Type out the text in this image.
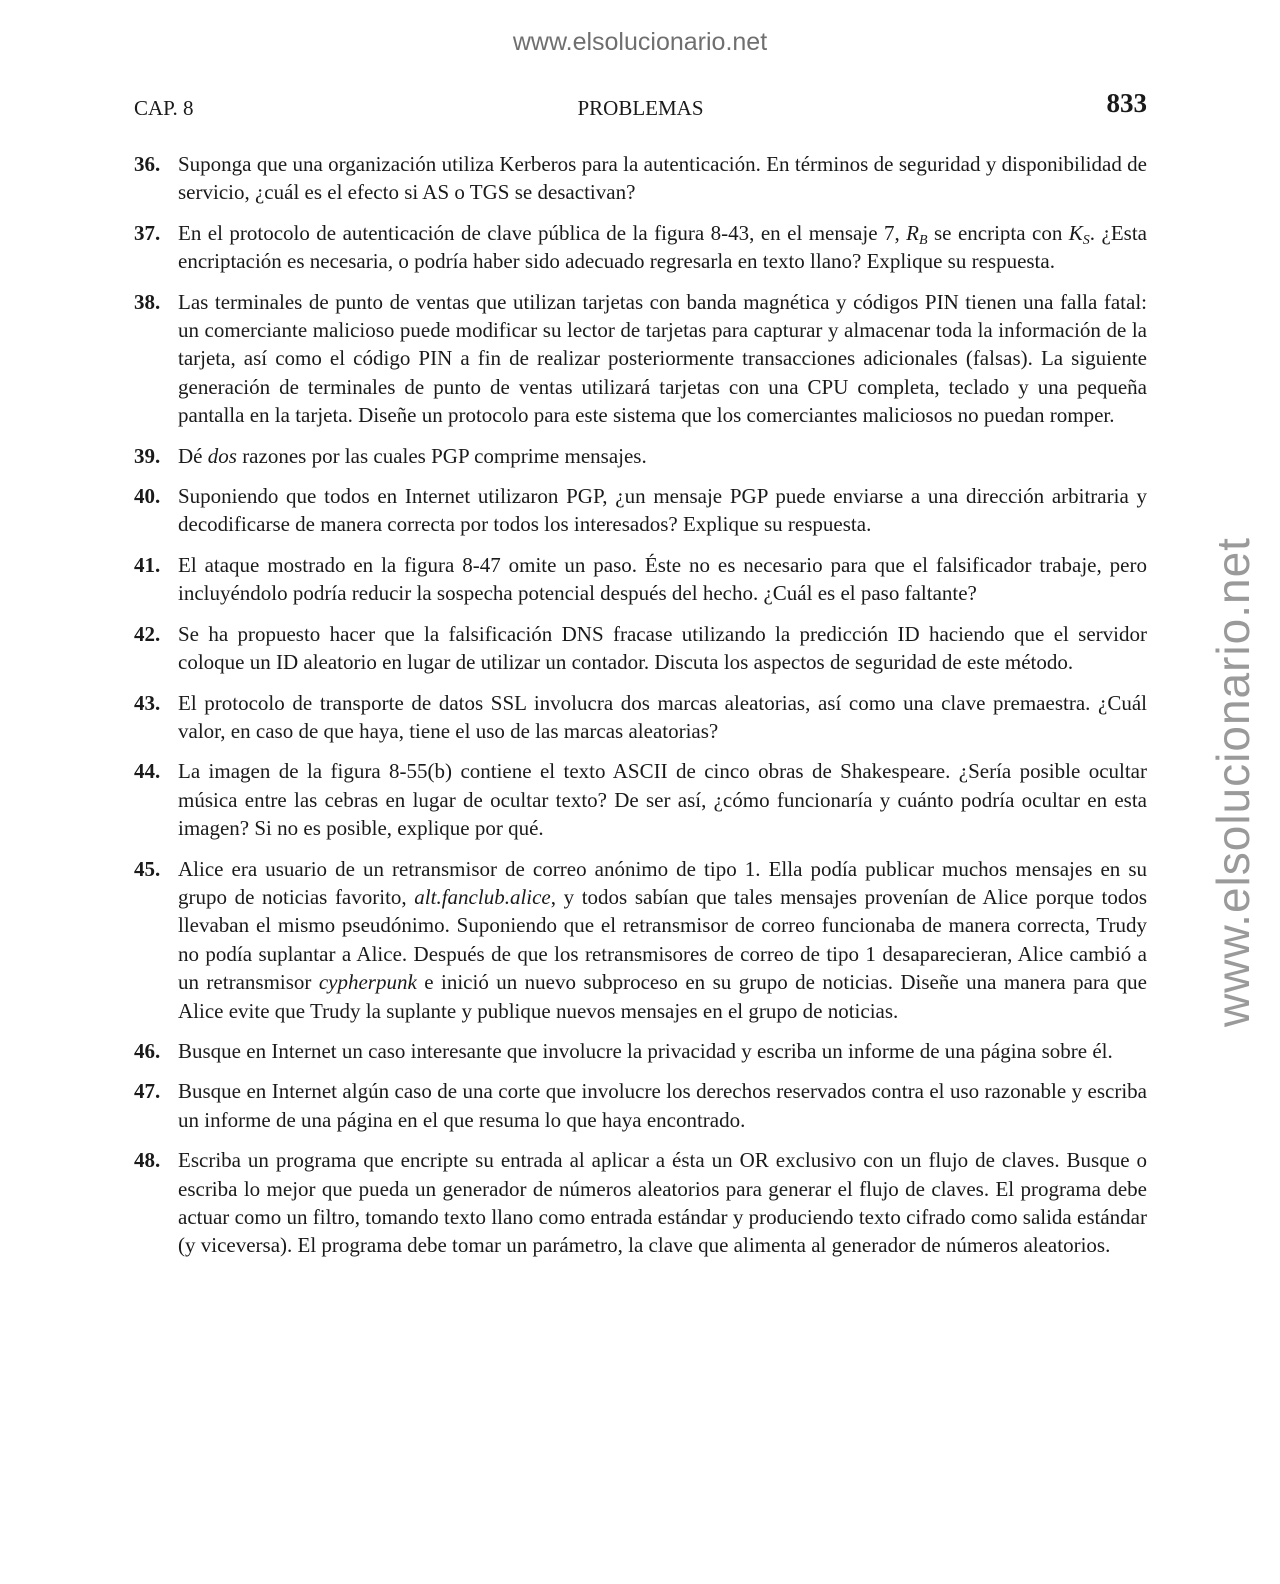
www.elsolucionario.net
www.elsolucionario.net
CAP. 8	PROBLEMAS	833
36. Suponga que una organización utiliza Kerberos para la autenticación. En términos de seguridad y disponibilidad de servicio, ¿cuál es el efecto si AS o TGS se desactivan?
37. En el protocolo de autenticación de clave pública de la figura 8-43, en el mensaje 7, $R_B$ se encripta con $K_S$. ¿Esta encriptación es necesaria, o podría haber sido adecuado regresarla en texto llano? Explique su respuesta.
38. Las terminales de punto de ventas que utilizan tarjetas con banda magnética y códigos PIN tienen una falla fatal: un comerciante malicioso puede modificar su lector de tarjetas para capturar y almacenar toda la información de la tarjeta, así como el código PIN a fin de realizar posteriormente transacciones adicionales (falsas). La siguiente generación de terminales de punto de ventas utilizará tarjetas con una CPU completa, teclado y una pequeña pantalla en la tarjeta. Diseñe un protocolo para este sistema que los comerciantes maliciosos no puedan romper.
39. Dé dos razones por las cuales PGP comprime mensajes.
40. Suponiendo que todos en Internet utilizaron PGP, ¿un mensaje PGP puede enviarse a una dirección arbitraria y decodificarse de manera correcta por todos los interesados? Explique su respuesta.
41. El ataque mostrado en la figura 8-47 omite un paso. Éste no es necesario para que el falsificador trabaje, pero incluyéndolo podría reducir la sospecha potencial después del hecho. ¿Cuál es el paso faltante?
42. Se ha propuesto hacer que la falsificación DNS fracase utilizando la predicción ID haciendo que el servidor coloque un ID aleatorio en lugar de utilizar un contador. Discuta los aspectos de seguridad de este método.
43. El protocolo de transporte de datos SSL involucra dos marcas aleatorias, así como una clave premaestra. ¿Cuál valor, en caso de que haya, tiene el uso de las marcas aleatorias?
44. La imagen de la figura 8-55(b) contiene el texto ASCII de cinco obras de Shakespeare. ¿Sería posible ocultar música entre las cebras en lugar de ocultar texto? De ser así, ¿cómo funcionaría y cuánto podría ocultar en esta imagen? Si no es posible, explique por qué.
45. Alice era usuario de un retransmisor de correo anónimo de tipo 1. Ella podía publicar muchos mensajes en su grupo de noticias favorito, alt.fanclub.alice, y todos sabían que tales mensajes provenían de Alice porque todos llevaban el mismo pseudónimo. Suponiendo que el retransmisor de correo funcionaba de manera correcta, Trudy no podía suplantar a Alice. Después de que los retransmisores de correo de tipo 1 desaparecieran, Alice cambió a un retransmisor cypherpunk e inició un nuevo subproceso en su grupo de noticias. Diseñe una manera para que Alice evite que Trudy la suplante y publique nuevos mensajes en el grupo de noticias.
46. Busque en Internet un caso interesante que involucre la privacidad y escriba un informe de una página sobre él.
47. Busque en Internet algún caso de una corte que involucre los derechos reservados contra el uso razonable y escriba un informe de una página en el que resuma lo que haya encontrado.
48. Escriba un programa que encripte su entrada al aplicar a ésta un OR exclusivo con un flujo de claves. Busque o escriba lo mejor que pueda un generador de números aleatorios para generar el flujo de claves. El programa debe actuar como un filtro, tomando texto llano como entrada estándar y produciendo texto cifrado como salida estándar (y viceversa). El programa debe tomar un parámetro, la clave que alimenta al generador de números aleatorios.
